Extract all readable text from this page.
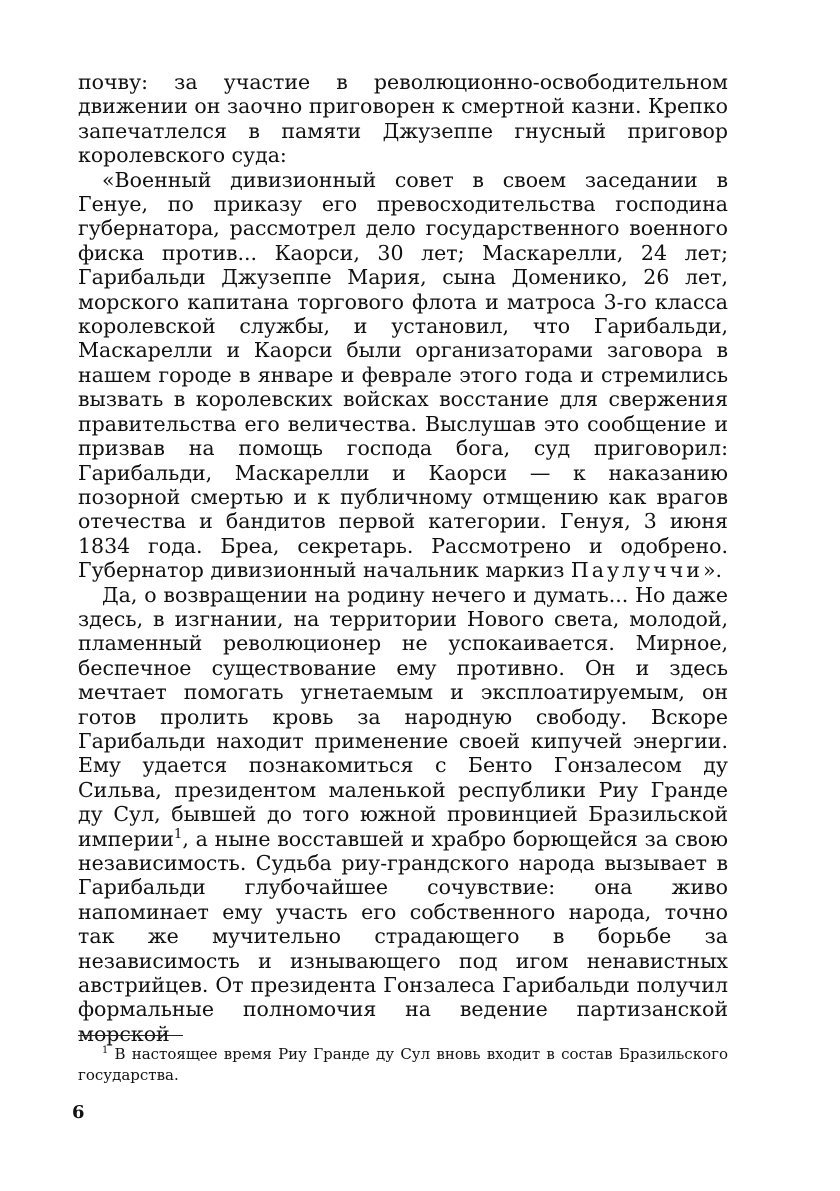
почву: за участие в революционно-освободительном движении он заочно приговорен к смертной казни. Крепко запечатлелся в памяти Джузеппе гнусный приговор королевского суда:

«Военный дивизионный совет в своем заседании в Генуе, по приказу его превосходительства господина губернатора, рассмотрел дело государственного военного фиска против... Каорси, 30 лет; Маскарелли, 24 лет; Гарибальди Джузеппе Мария, сына Доменико, 26 лет, морского капитана торгового флота и матроса 3-го класса королевской службы, и установил, что Гарибальди, Маскарелли и Каорси были организаторами заговора в нашем городе в январе и феврале этого года и стремились вызвать в королевских войсках восстание для свержения правительства его величества. Выслушав это сообщение и призвав на помощь господа бога, суд приговорил: Гарибальди, Маскарелли и Каорси — к наказанию позорной смертью и к публичному отмщению как врагов отечества и бандитов первой категории. Генуя, 3 июня 1834 года. Бреа, секретарь. Рассмотрено и одобрено. Губернатор дивизионный начальник маркиз Паулуччи».

Да, о возвращении на родину нечего и думать... Но даже здесь, в изгнании, на территории Нового света, молодой, пламенный революционер не успокаивается. Мирное, беспечное существование ему противно. Он и здесь мечтает помогать угнетаемым и эксплоатируемым, он готов пролить кровь за народную свободу. Вскоре Гарибальди находит применение своей кипучей энергии. Ему удается познакомиться с Бенто Гонзалесом ду Сильва, президентом маленькой республики Риу Гранде ду Сул, бывшей до того южной провинцией Бразильской империи$^1$, а ныне восставшей и храбро борющейся за свою независимость. Судьба риу-грандского народа вызывает в Гарибальди глубочайшее сочувствие: она живо напоминает ему участь его собственного народа, точно так же мучительно страдающего в борьбе за независимость и изнывающего под игом ненавистных австрийцев. От президента Гонзалеса Гарибальди получил формальные полномочия на ведение партизанской морской

$^1$ В настоящее время Риу Гранде ду Сул вновь входит в состав Бразильского государства.

6
